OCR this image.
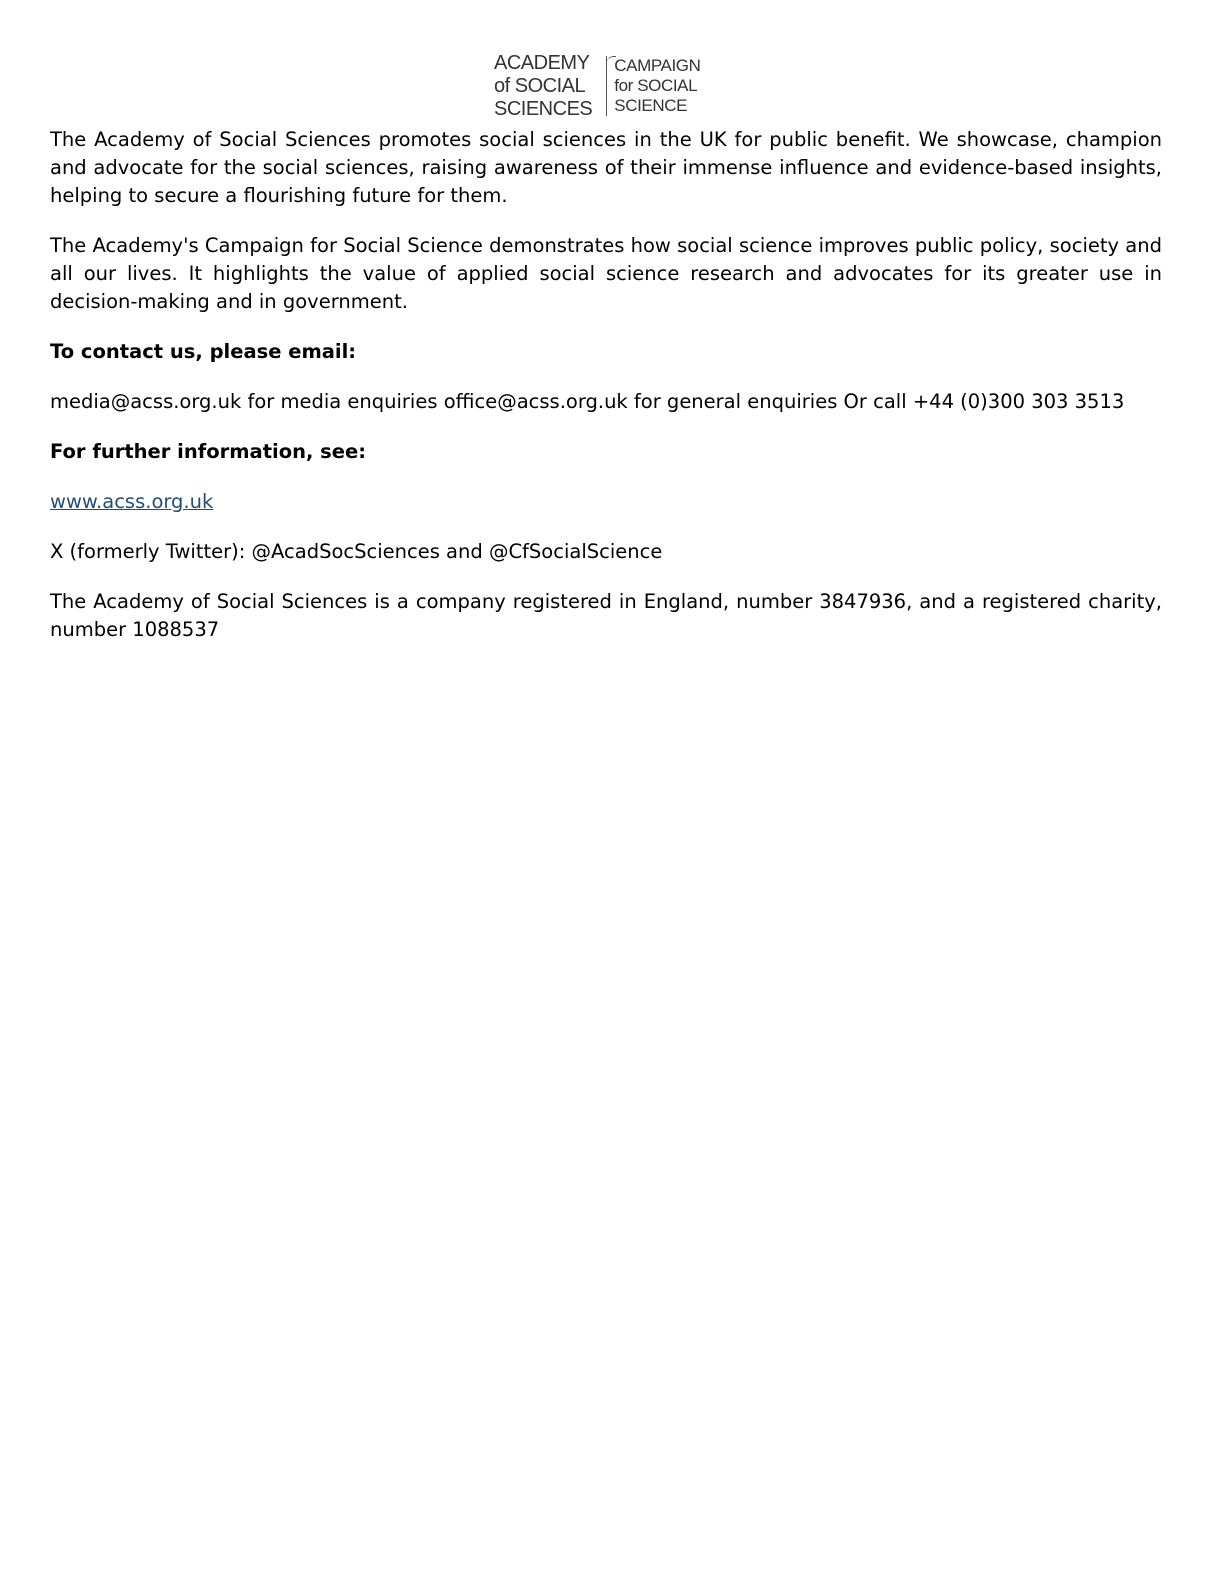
ACADEMY
of SOCIAL
SCIENCES
CAMPAIGN
for SOCIAL
SCIENCE

The Academy of Social Sciences promotes social sciences in the UK for public benefit. We showcase, champion and advocate for the social sciences, raising awareness of their immense influence and evidence-based insights, helping to secure a flourishing future for them.

The Academy's Campaign for Social Science demonstrates how social science improves public policy, society and all our lives. It highlights the value of applied social science research and advocates for its greater use in decision-making and in government.

To contact us, please email:

media@acss.org.uk for media enquiries office@acss.org.uk for general enquiries Or call +44 (0)300 303 3513

For further information, see:

www.acss.org.uk

X (formerly Twitter): @AcadSocSciences and @CfSocialScience

The Academy of Social Sciences is a company registered in England, number 3847936, and a registered charity, number 1088537
